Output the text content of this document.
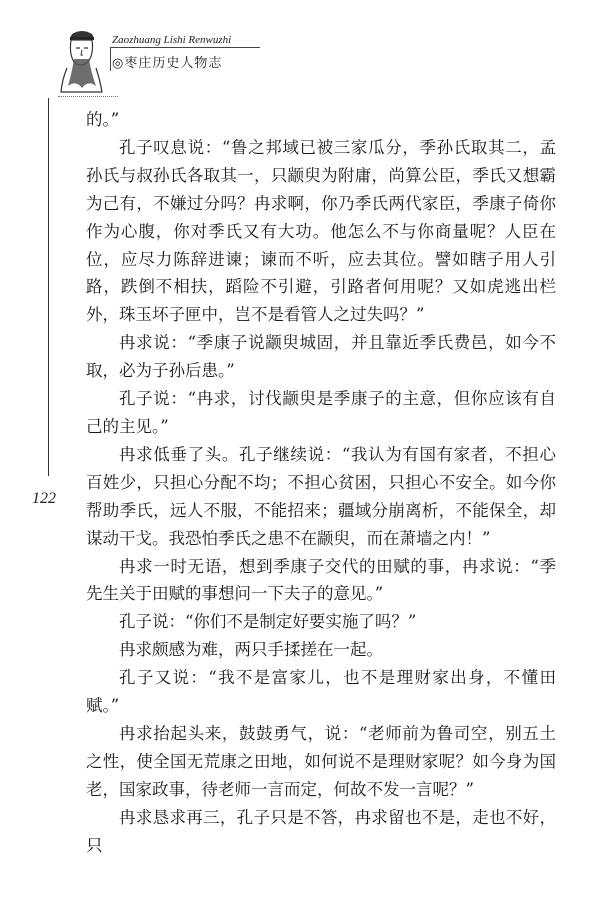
Zaozhuang Lishi Renwuzhi
◎枣庄历史人物志
122

的。”

孔子叹息说：“鲁之邦域已被三家瓜分，季孙氏取其二，孟孙氏与叔孙氏各取其一，只颛臾为附庸，尚算公臣，季氏又想霸为己有，不嫌过分吗？冉求啊，你乃季氏两代家臣，季康子倚你作为心腹，你对季氏又有大功。他怎么不与你商量呢？人臣在位，应尽力陈辞进谏；谏而不听，应去其位。譬如瞎子用人引路，跌倒不相扶，蹈险不引避，引路者何用呢？又如虎逃出栏外，珠玉坏子匣中，岂不是看管人之过失吗？”

冉求说：“季康子说颛臾城固，并且靠近季氏费邑，如今不取，必为子孙后患。”

孔子说：“冉求，讨伐颛臾是季康子的主意，但你应该有自己的主见。”

冉求低垂了头。孔子继续说：“我认为有国有家者，不担心百姓少，只担心分配不均；不担心贫困，只担心不安全。如今你帮助季氏，远人不服，不能招来；疆域分崩离析，不能保全，却谋动干戈。我恐怕季氏之患不在颛臾，而在萧墙之内！”

冉求一时无语，想到季康子交代的田赋的事，冉求说：“季先生关于田赋的事想问一下夫子的意见。”

孔子说：“你们不是制定好要实施了吗？”

冉求颇感为难，两只手揉搓在一起。

孔子又说：“我不是富家儿，也不是理财家出身，不懂田赋。”

冉求抬起头来，鼓鼓勇气，说：“老师前为鲁司空，别五土之性，使全国无荒康之田地，如何说不是理财家呢？如今身为国老，国家政事，待老师一言而定，何故不发一言呢？”

冉求恳求再三，孔子只是不答，冉求留也不是，走也不好，只
